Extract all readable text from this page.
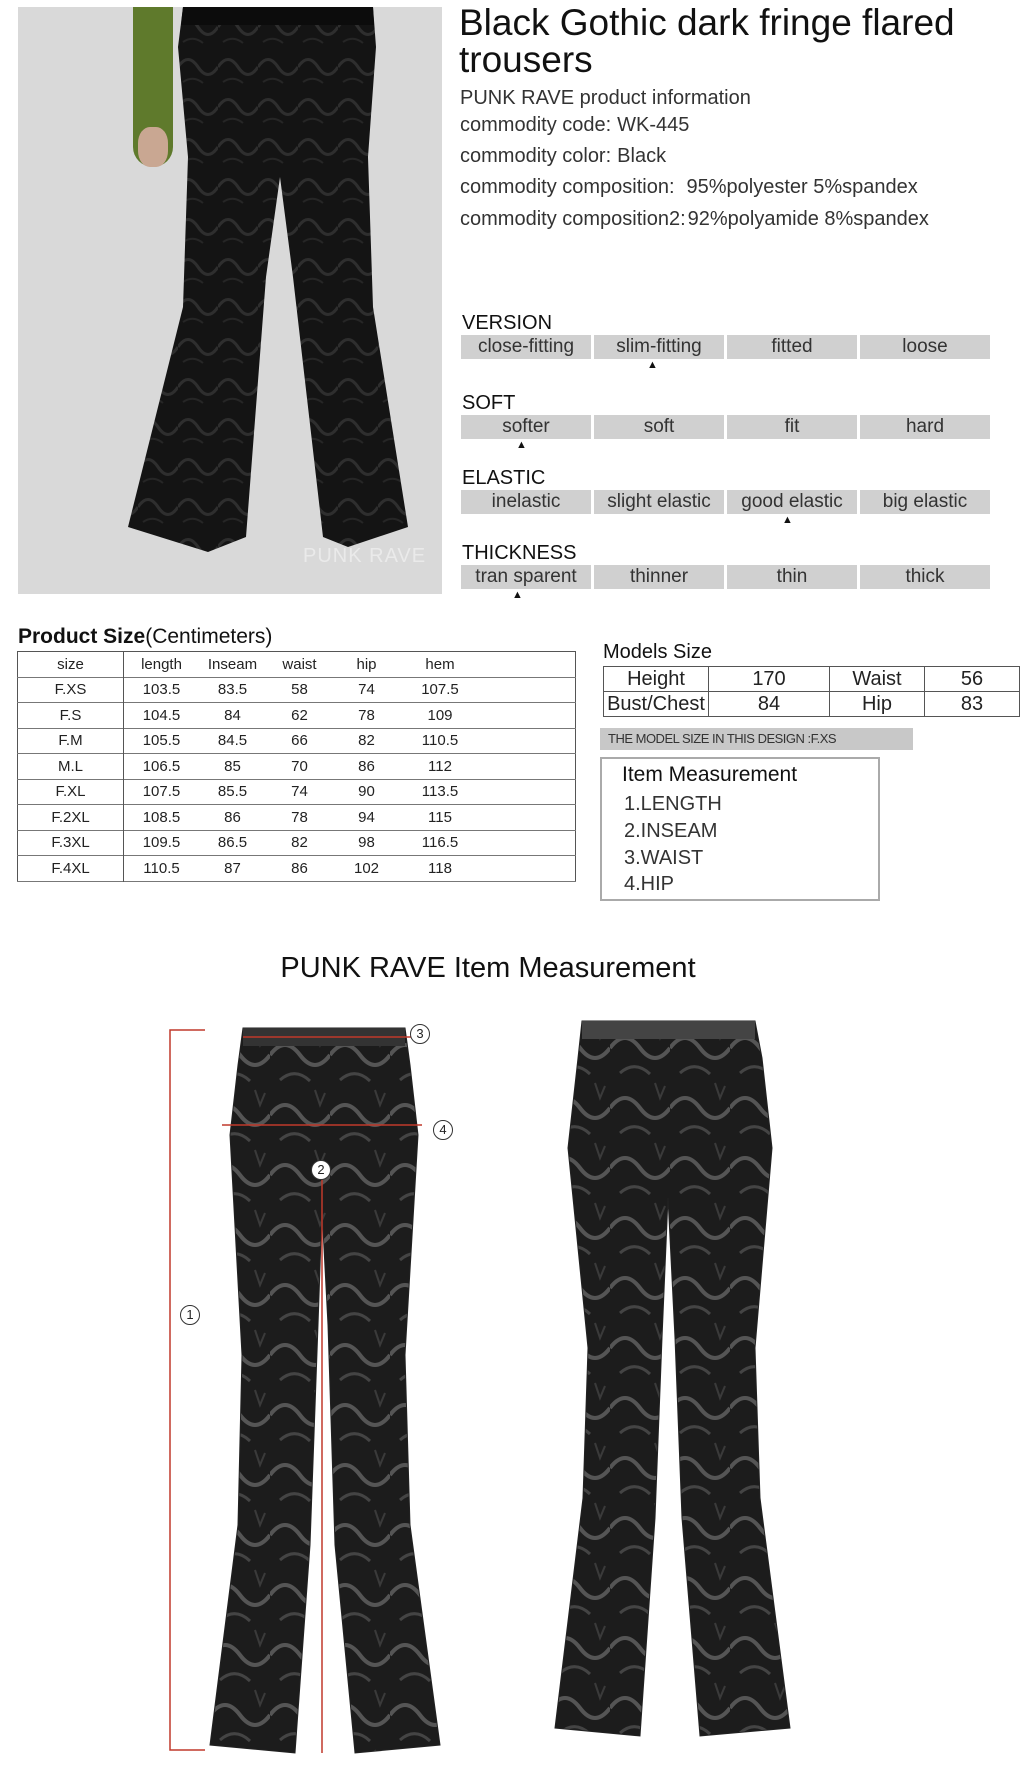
PUNK RAVE
Black Gothic dark fringe flared trousers
PUNK RAVE product information
commodity code: WK-445
commodity color: Black
commodity composition: 95%polyester 5%spandex
commodity composition2: 92%polyamide 8%spandex
VERSION
close-fitting	slim-fitting	fitted	loose
▲
SOFT
softer	soft	fit	hard
▲
ELASTIC
inelastic	slight elastic	good elastic	big elastic
▲
THICKNESS
tran sparent	thinner	thin	thick
▲
Product Size(Centimeters)
size	length	Inseam	waist	hip	hem	
F.XS	103.5	83.5	58	74	107.5	
F.S	104.5	84	62	78	109	
F.M	105.5	84.5	66	82	110.5	
M.L	106.5	85	70	86	112	
F.XL	107.5	85.5	74	90	113.5	
F.2XL	108.5	86	78	94	115	
F.3XL	109.5	86.5	82	98	116.5	
F.4XL	110.5	87	86	102	118	
Models Size
Height	170	Waist	56
Bust/Chest	84	Hip	83
THE MODEL SIZE IN THIS DESIGN :F.XS
Item Measurement
1.LENGTH
2.INSEAM
3.WAIST
4.HIP
PUNK RAVE Item Measurement
3
4
2
1
